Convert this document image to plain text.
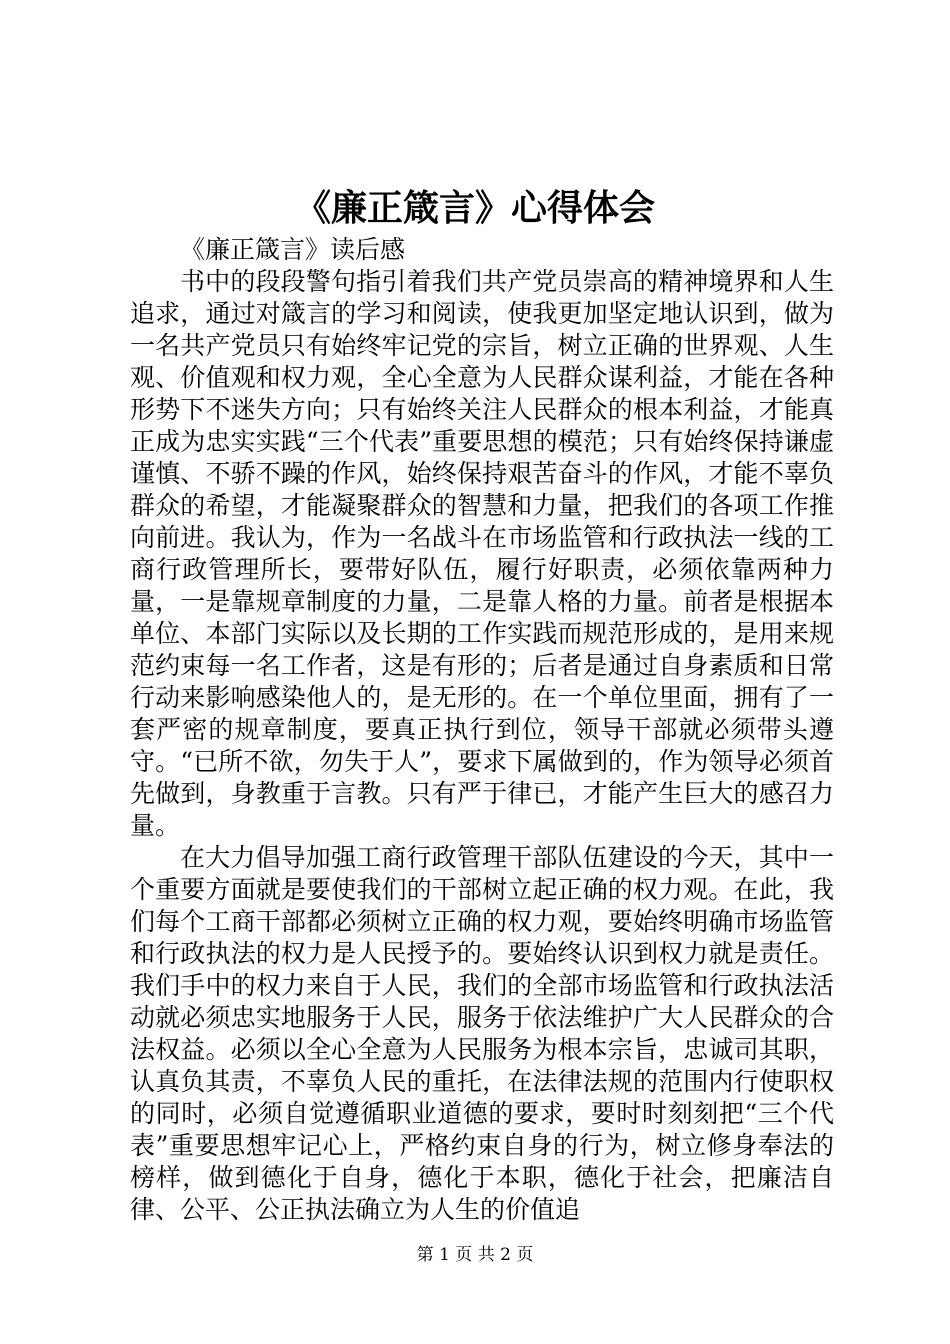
《廉正箴言》心得体会

《廉正箴言》读后感

书中的段段警句指引着我们共产党员崇高的精神境界和人生追求，通过对箴言的学习和阅读，使我更加坚定地认识到，做为一名共产党员只有始终牢记党的宗旨，树立正确的世界观、人生观、价值观和权力观，全心全意为人民群众谋利益，才能在各种形势下不迷失方向；只有始终关注人民群众的根本利益，才能真正成为忠实实践“三个代表”重要思想的模范；只有始终保持谦虚谨慎、不骄不躁的作风，始终保持艰苦奋斗的作风，才能不辜负群众的希望，才能凝聚群众的智慧和力量，把我们的各项工作推向前进。我认为，作为一名战斗在市场监管和行政执法一线的工商行政管理所长，要带好队伍，履行好职责，必须依靠两种力量，一是靠规章制度的力量，二是靠人格的力量。前者是根据本单位、本部门实际以及长期的工作实践而规范形成的，是用来规范约束每一名工作者，这是有形的；后者是通过自身素质和日常行动来影响感染他人的，是无形的。在一个单位里面，拥有了一套严密的规章制度，要真正执行到位，领导干部就必须带头遵守。“已所不欲，勿失于人”，要求下属做到的，作为领导必须首先做到，身教重于言教。只有严于律已，才能产生巨大的感召力量。

在大力倡导加强工商行政管理干部队伍建设的今天，其中一个重要方面就是要使我们的干部树立起正确的权力观。在此，我们每个工商干部都必须树立正确的权力观，要始终明确市场监管和行政执法的权力是人民授予的。要始终认识到权力就是责任。我们手中的权力来自于人民，我们的全部市场监管和行政执法活动就必须忠实地服务于人民，服务于依法维护广大人民群众的合法权益。必须以全心全意为人民服务为根本宗旨，忠诚司其职，认真负其责，不辜负人民的重托，在法律法规的范围内行使职权的同时，必须自觉遵循职业道德的要求，要时时刻刻把“三个代表”重要思想牢记心上，严格约束自身的行为，树立修身奉法的榜样，做到德化于自身，德化于本职，德化于社会，把廉洁自律、公平、公正执法确立为人生的价值追

第 1 页 共 2 页
